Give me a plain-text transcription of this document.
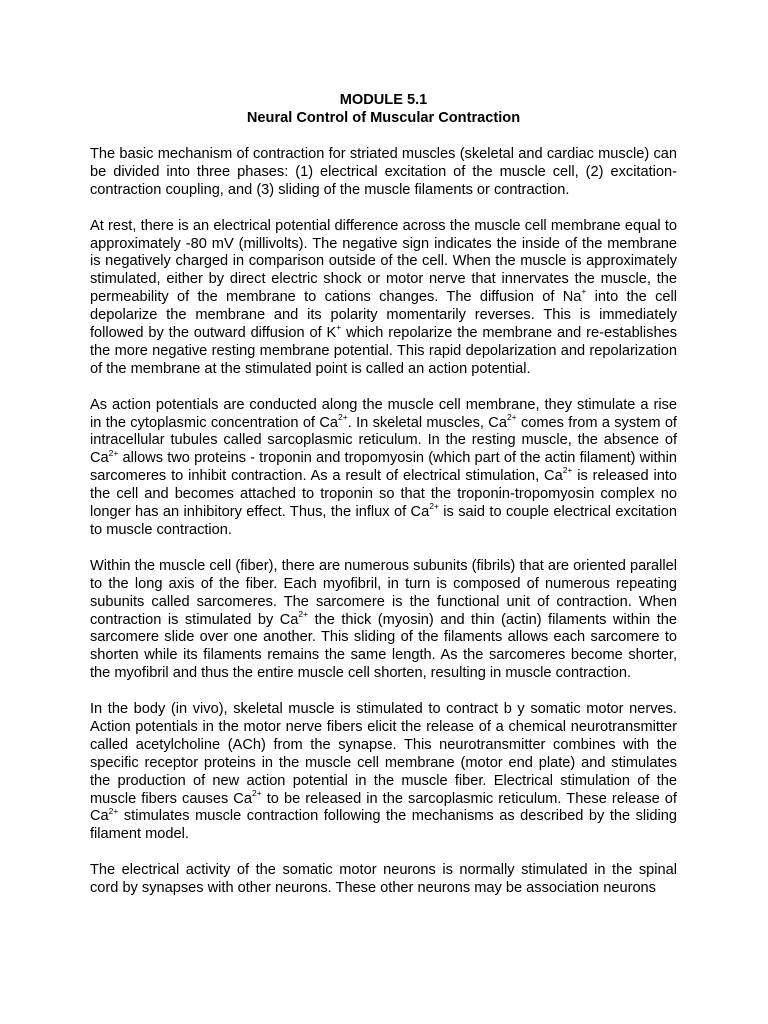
MODULE 5.1
Neural Control of Muscular Contraction

The basic mechanism of contraction for striated muscles (skeletal and cardiac muscle) can be divided into three phases: (1) electrical excitation of the muscle cell, (2) excitation-contraction coupling, and (3) sliding of the muscle filaments or contraction.

At rest, there is an electrical potential difference across the muscle cell membrane equal to approximately -80 mV (millivolts). The negative sign indicates the inside of the membrane is negatively charged in comparison outside of the cell. When the muscle is approximately stimulated, either by direct electric shock or motor nerve that innervates the muscle, the permeability of the membrane to cations changes. The diffusion of Na+ into the cell depolarize the membrane and its polarity momentarily reverses. This is immediately followed by the outward diffusion of K+ which repolarize the membrane and re-establishes the more negative resting membrane potential. This rapid depolarization and repolarization of the membrane at the stimulated point is called an action potential.

As action potentials are conducted along the muscle cell membrane, they stimulate a rise in the cytoplasmic concentration of $Ca^{2+}$. In skeletal muscles, $Ca^{2+}$ comes from a system of intracellular tubules called sarcoplasmic reticulum. In the resting muscle, the absence of $Ca^{2+}$ allows two proteins - troponin and tropomyosin (which part of the actin filament) within sarcomeres to inhibit contraction. As a result of electrical stimulation, $Ca^{2+}$ is released into the cell and becomes attached to troponin so that the troponin-tropomyosin complex no longer has an inhibitory effect. Thus, the influx of $Ca^{2+}$ is said to couple electrical excitation to muscle contraction.

Within the muscle cell (fiber), there are numerous subunits (fibrils) that are oriented parallel to the long axis of the fiber. Each myofibril, in turn is composed of numerous repeating subunits called sarcomeres. The sarcomere is the functional unit of contraction. When contraction is stimulated by $Ca^{2+}$ the thick (myosin) and thin (actin) filaments within the sarcomere slide over one another. This sliding of the filaments allows each sarcomere to shorten while its filaments remains the same length. As the sarcomeres become shorter, the myofibril and thus the entire muscle cell shorten, resulting in muscle contraction.

In the body (in vivo), skeletal muscle is stimulated to contract b y somatic motor nerves. Action potentials in the motor nerve fibers elicit the release of a chemical neurotransmitter called acetylcholine (ACh) from the synapse. This neurotransmitter combines with the specific receptor proteins in the muscle cell membrane (motor end plate) and stimulates the production of new action potential in the muscle fiber. Electrical stimulation of the muscle fibers causes $Ca^{2+}$ to be released in the sarcoplasmic reticulum. These release of $Ca^{2+}$ stimulates muscle contraction following the mechanisms as described by the sliding filament model.

The electrical activity of the somatic motor neurons is normally stimulated in the spinal cord by synapses with other neurons. These other neurons may be association neurons
